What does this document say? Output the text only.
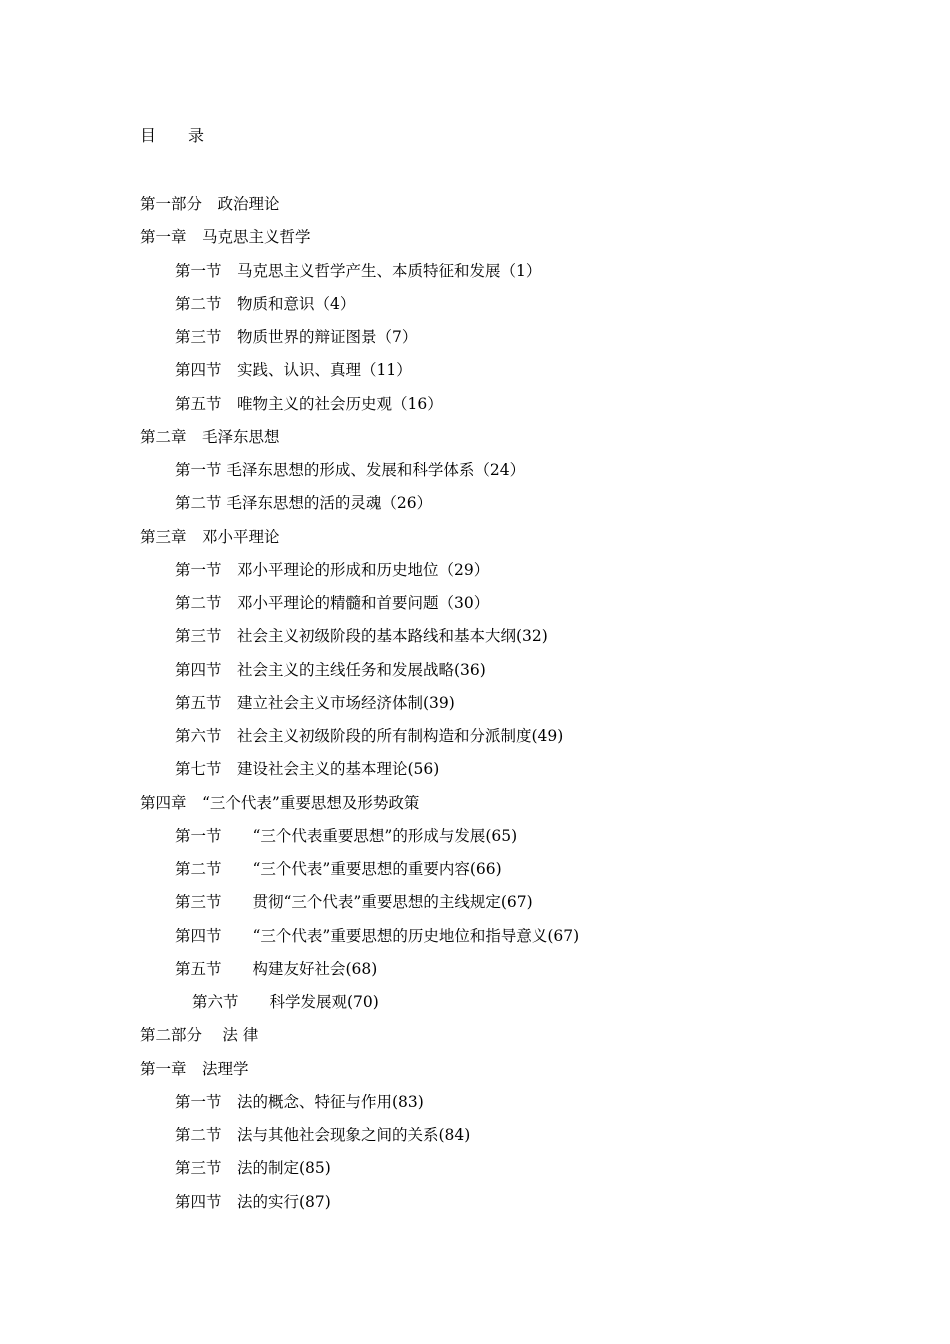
目　　录
第一部分　政治理论
第一章　马克思主义哲学
第一节　马克思主义哲学产生、本质特征和发展（1）
第二节　物质和意识（4）
第三节　物质世界的辩证图景（7）
第四节　实践、认识、真理（11）
第五节　唯物主义的社会历史观（16）
第二章　毛泽东思想
第一节 毛泽东思想的形成、发展和科学体系（24）
第二节 毛泽东思想的活的灵魂（26）
第三章　邓小平理论
第一节　邓小平理论的形成和历史地位（29）
第二节　邓小平理论的精髓和首要问题（30）
第三节　社会主义初级阶段的基本路线和基本大纲(32)
第四节　社会主义的主线任务和发展战略(36)
第五节　建立社会主义市场经济体制(39)
第六节　社会主义初级阶段的所有制构造和分派制度(49)
第七节　建设社会主义的基本理论(56)
第四章　“三个代表”重要思想及形势政策
第一节　　“三个代表重要思想”的形成与发展(65)
第二节　　“三个代表”重要思想的重要内容(66)
第三节　　贯彻“三个代表”重要思想的主线规定(67)
第四节　　“三个代表”重要思想的历史地位和指导意义(67)
第五节　　构建友好社会(68)
第六节　　科学发展观(70)
第二部分　 法 律
第一章　法理学
第一节　法的概念、特征与作用(83)
第二节　法与其他社会现象之间的关系(84)
第三节　法的制定(85)
第四节　法的实行(87)
